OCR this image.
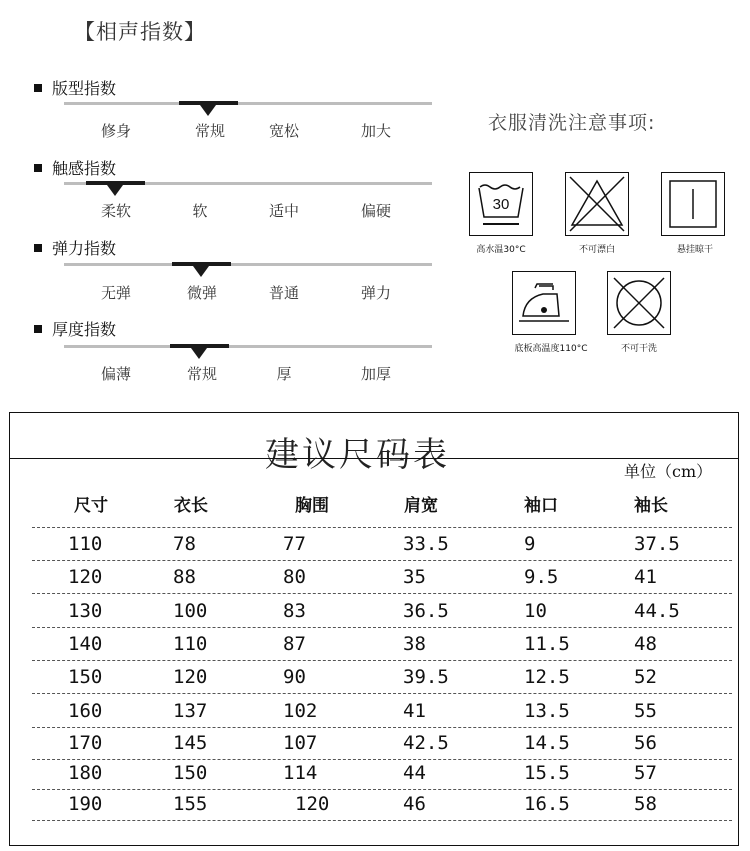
【相声指数】
版型指数
修身	常规	宽松	加大
触感指数
柔软	软	适中	偏硬
弹力指数
无弹	微弹	普通	弹力
厚度指数
偏薄	常规	厚	加厚
衣服清洗注意事项:
30
高水温30°C	不可漂白	悬挂晾干
底板高温度110°C	不可干洗
建议尺码表	单位（cm）
尺寸	衣长	胸围	肩宽	袖口	袖长
110	78	77	33.5	9	37.5
120	88	80	35	9.5	41
130	100	83	36.5	10	44.5
140	110	87	38	11.5	48
150	120	90	39.5	12.5	52
160	137	102	41	13.5	55
170	145	107	42.5	14.5	56
180	150	114	44	15.5	57
190	155	120	46	16.5	58
